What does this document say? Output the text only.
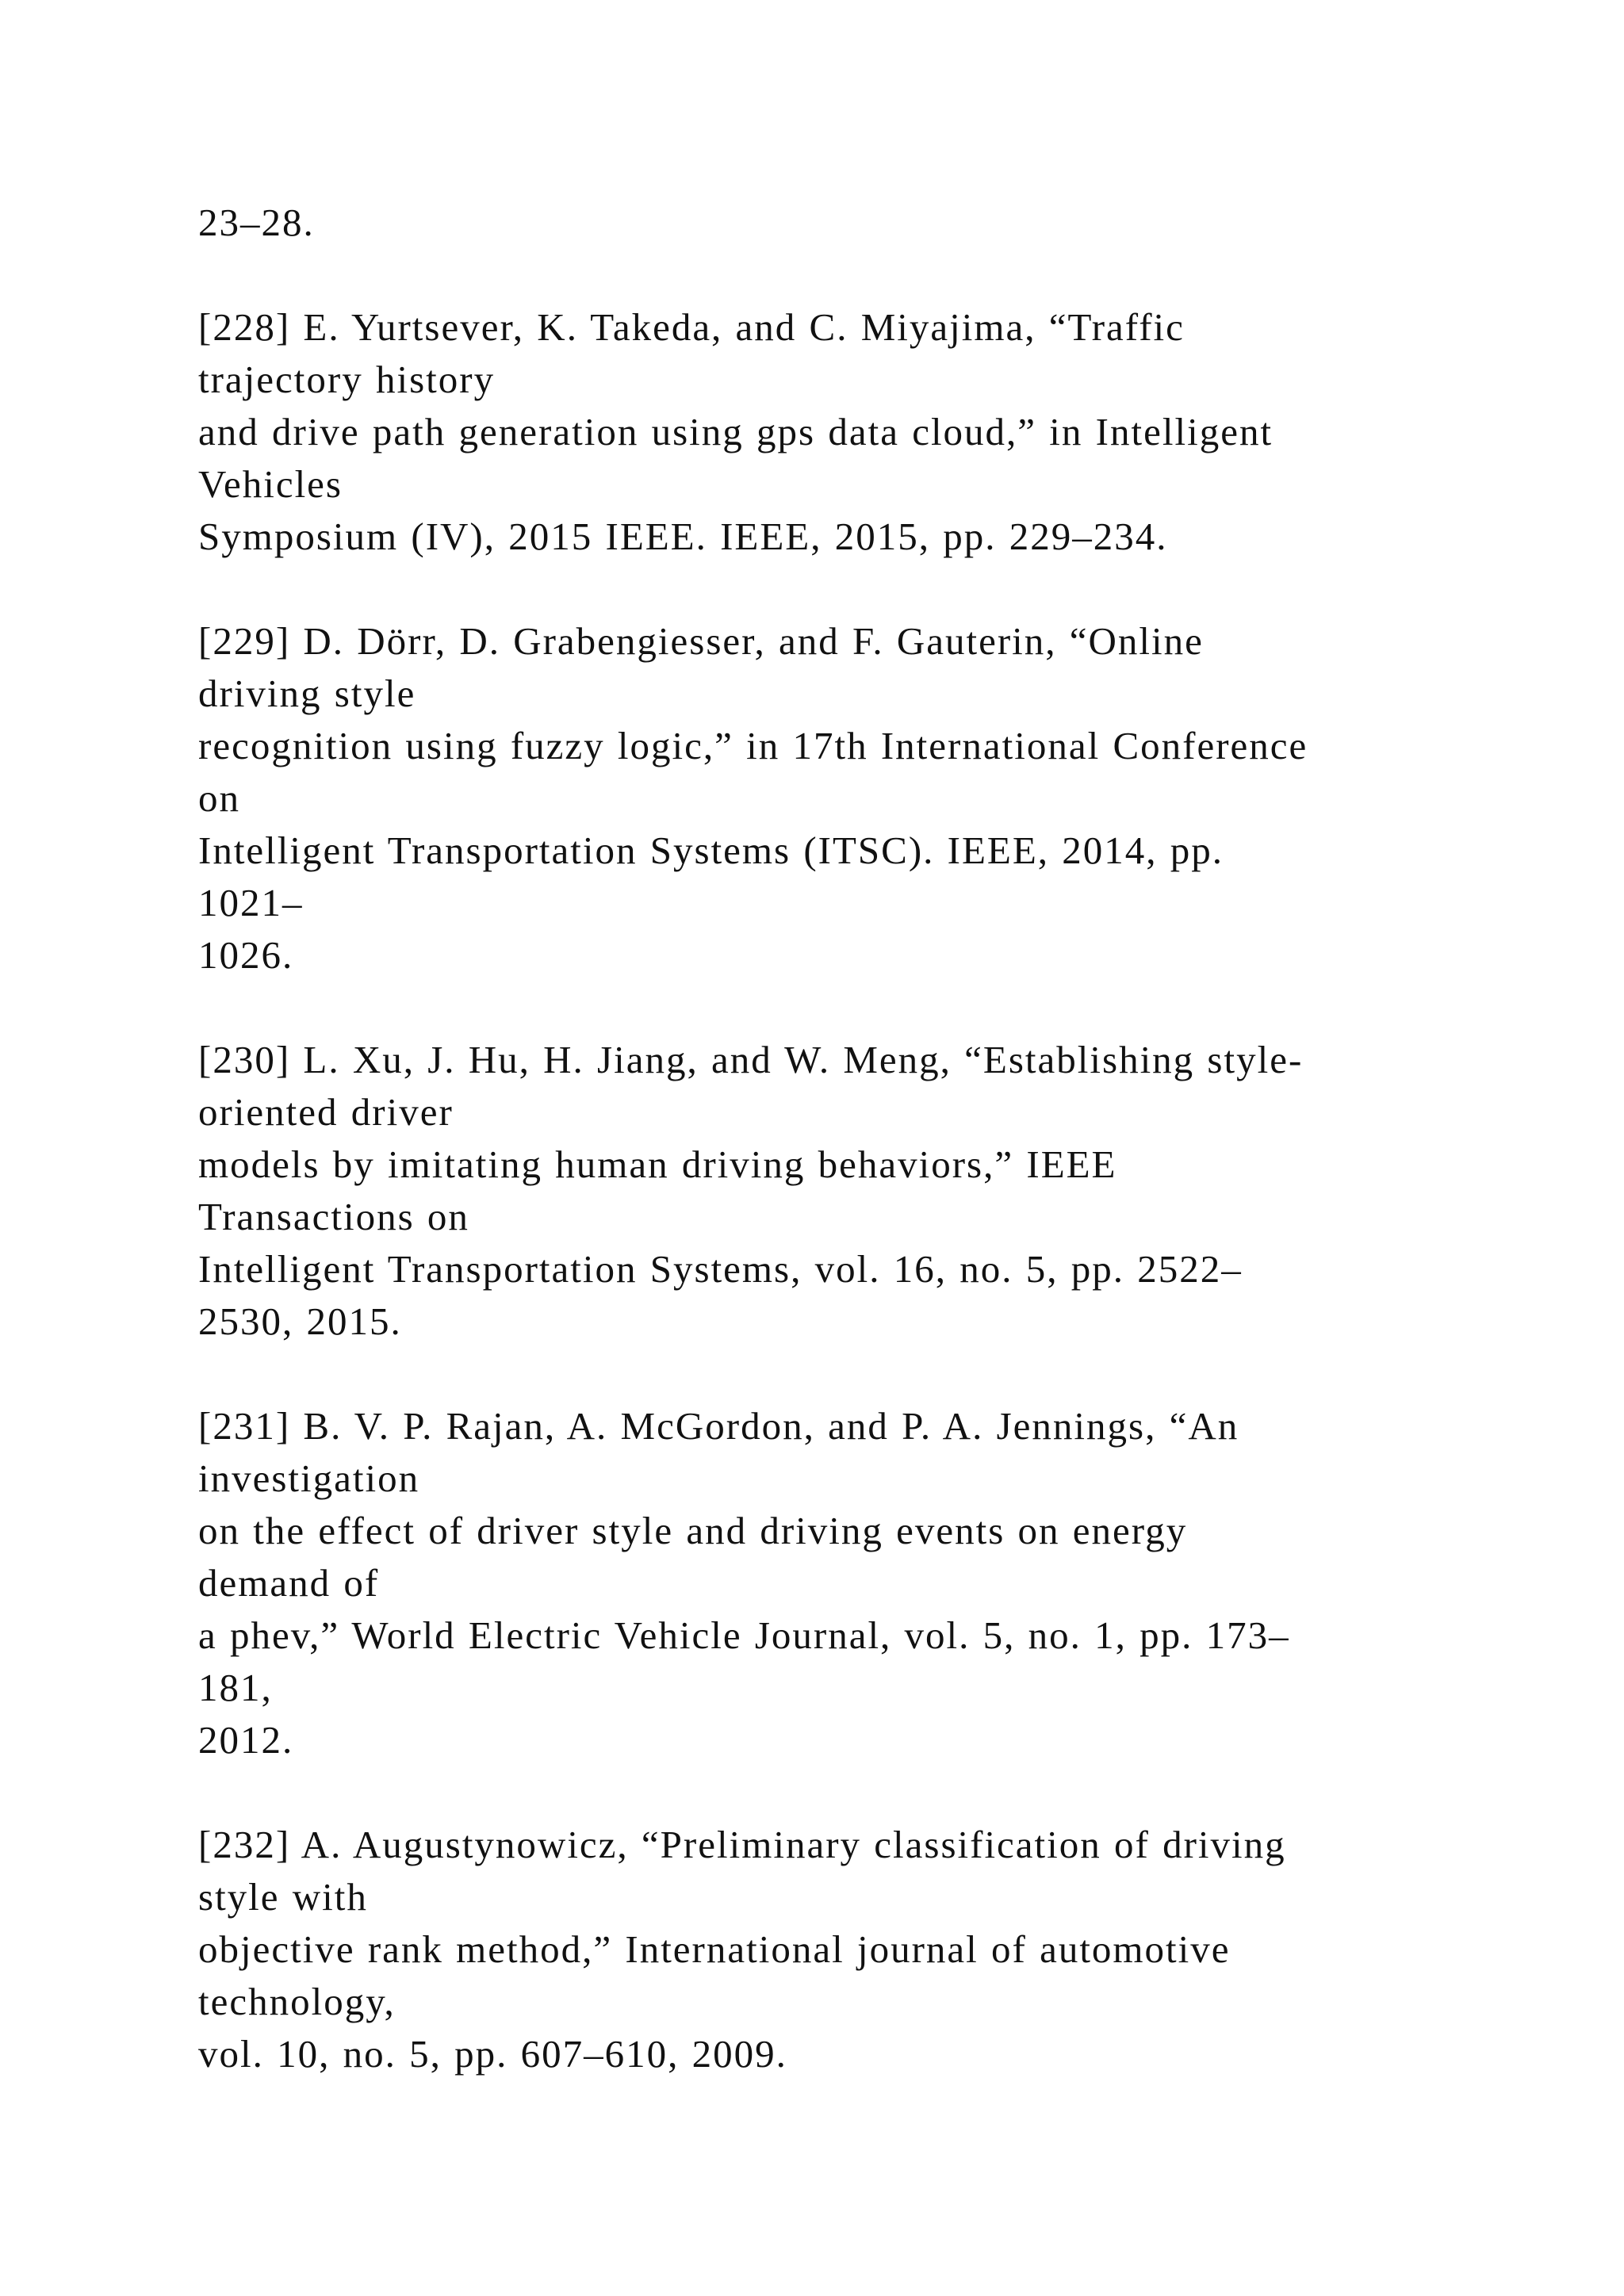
23–28.
[228] E. Yurtsever, K. Takeda, and C. Miyajima, “Traffic
trajectory history
and drive path generation using gps data cloud,” in Intelligent
Vehicles
Symposium (IV), 2015 IEEE. IEEE, 2015, pp. 229–234.
[229] D. Dörr, D. Grabengiesser, and F. Gauterin, “Online
driving style
recognition using fuzzy logic,” in 17th International Conference
on
Intelligent Transportation Systems (ITSC). IEEE, 2014, pp.
1021–
1026.
[230] L. Xu, J. Hu, H. Jiang, and W. Meng, “Establishing style-
oriented driver
models by imitating human driving behaviors,” IEEE
Transactions on
Intelligent Transportation Systems, vol. 16, no. 5, pp. 2522–
2530, 2015.
[231] B. V. P. Rajan, A. McGordon, and P. A. Jennings, “An
investigation
on the effect of driver style and driving events on energy
demand of
a phev,” World Electric Vehicle Journal, vol. 5, no. 1, pp. 173–
181,
2012.
[232] A. Augustynowicz, “Preliminary classification of driving
style with
objective rank method,” International journal of automotive
technology,
vol. 10, no. 5, pp. 607–610, 2009.
